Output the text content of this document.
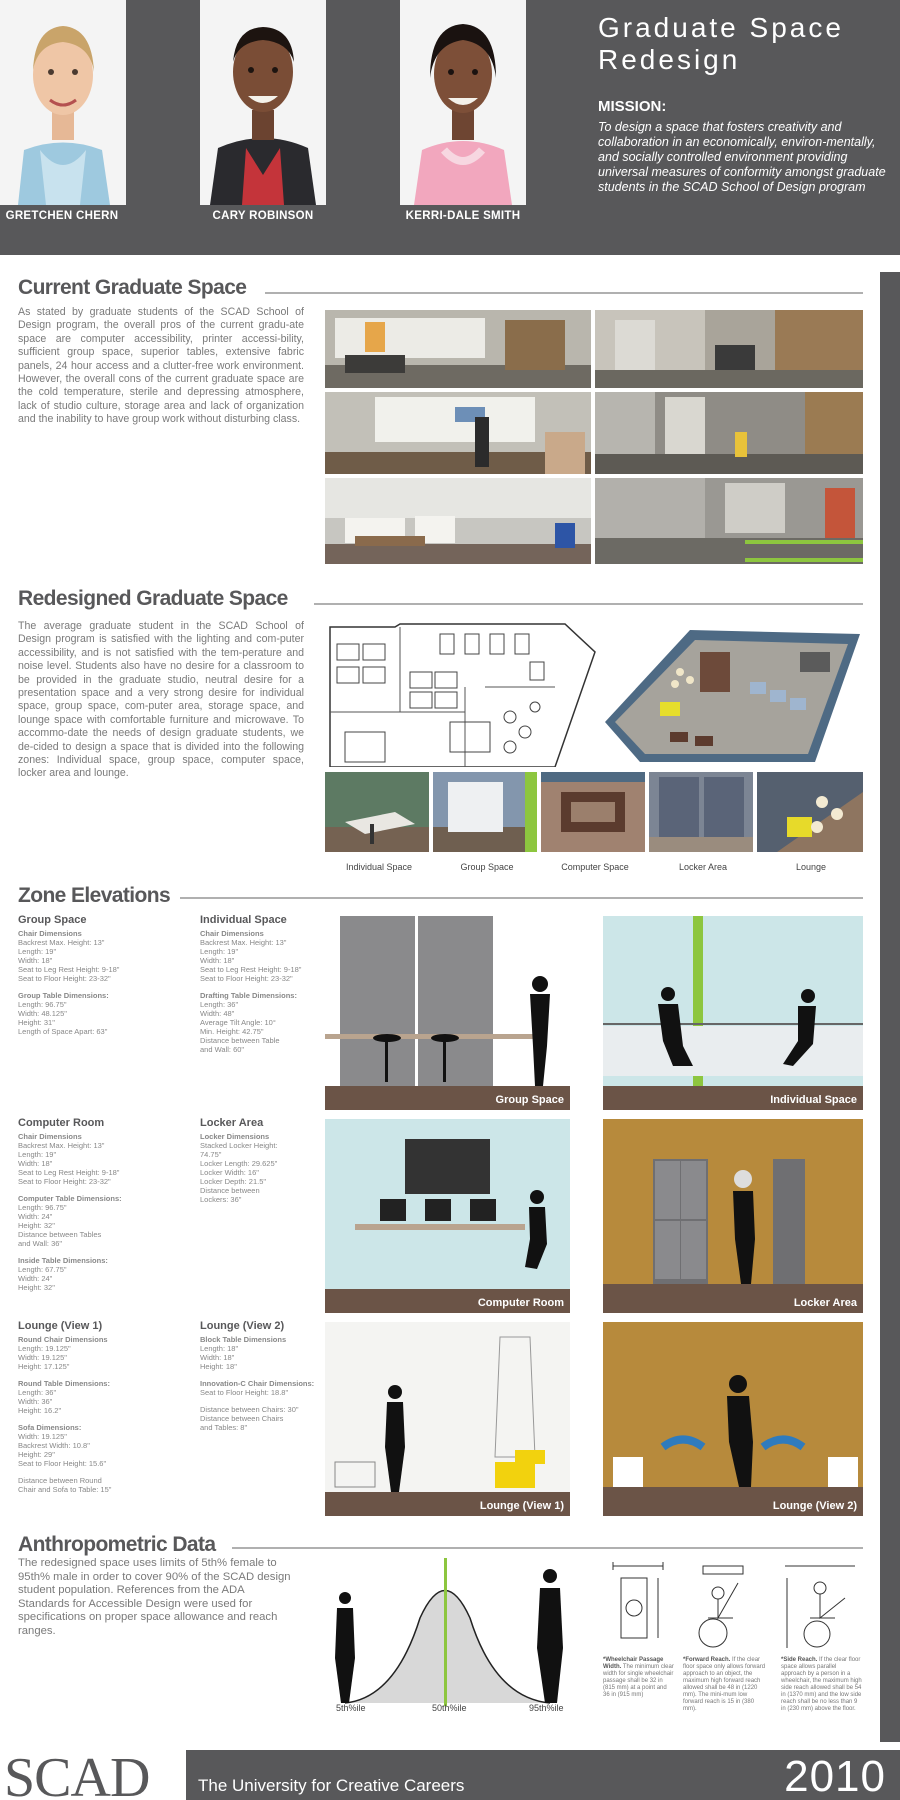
GRETCHEN CHERN	CARY ROBINSON	KERRI-DALE SMITH
Graduate Space Redesign
MISSION:
To design a space that fosters creativity and collaboration in an economically, environ-mentally, and socially controlled environment providing universal measures of conformity amongst graduate students in the SCAD School of Design program
Current Graduate Space
As stated by graduate students of the SCAD School of Design program, the overall pros of the current gradu-ate space are computer accessibility, printer accessi-bility, sufficient group space, superior tables, extensive fabric panels, 24 hour access and a clutter-free work environment. However, the overall cons of the current graduate space are the cold temperature, sterile and depressing atmosphere, lack of studio culture, storage area and lack of organization and the inability to have group work without disturbing class.
Redesigned Graduate Space
The average graduate student in the SCAD School of Design program is satisfied with the lighting and com-puter accessibility, and is not satisfied with the tem-perature and noise level. Students also have no desire for a classroom to be provided in the graduate studio, neutral desire for a presentation space and a very strong desire for individual space, group space, com-puter area, storage space, and lounge space with comfortable furniture and microwave. To accommo-date the needs of design graduate students, we de-cided to design a space that is divided into the following zones: Individual space, group space, computer space, locker area and lounge.
Individual Space	Group Space	Computer Space	Locker Area	Lounge
Zone Elevations
Group Space
Chair Dimensions
Backrest Max. Height: 13"
Length: 19"
Width: 18"
Seat to Leg Rest Height: 9-18"
Seat to Floor Height: 23-32"
Group Table Dimensions:
Length: 96.75"
Width: 48.125"
Height: 31"
Length of Space Apart: 63"
Individual Space
Chair Dimensions
Backrest Max. Height: 13"
Length: 19"
Width: 18"
Seat to Leg Rest Height: 9-18"
Seat to Floor Height: 23-32"
Drafting Table Dimensions:
Length: 36"
Width: 48"
Average Tilt Angle: 10°
Min. Height: 42.75"
Distance between Table
and Wall: 60"
Computer Room
Chair Dimensions
Backrest Max. Height: 13"
Length: 19"
Width: 18"
Seat to Leg Rest Height: 9-18"
Seat to Floor Height: 23-32"
Computer Table Dimensions:
Length: 96.75"
Width: 24"
Height: 32"
Distance between Tables
and Wall: 36"
Inside Table Dimensions:
Length: 67.75"
Width: 24"
Height: 32"
Locker Area
Locker Dimensions
Stacked Locker Height:
74.75"
Locker Length: 29.625"
Locker Width: 16"
Locker Depth: 21.5"
Distance between
Lockers: 36"
Lounge (View 1)
Round Chair Dimensions
Length: 19.125"
Width: 19.125"
Height: 17.125"
Round Table Dimensions:
Length: 36"
Width: 36"
Height: 16.2"
Sofa Dimensions:
Width: 19.125"
Backrest Width: 10.8"
Height: 29"
Seat to Floor Height: 15.6"
Distance between Round
Chair and Sofa to Table: 15"
Lounge (View 2)
Block Table Dimensions
Length: 18"
Width: 18"
Height: 18"
Innovation-C Chair Dimensions:
Seat to Floor Height: 18.8"
Distance between Chairs: 30"
Distance between Chairs
and Tables: 8"
Group Space	Individual Space
Computer Room	Locker Area
Lounge (View 1)	Lounge (View 2)
Anthropometric Data
The redesigned space uses limits of 5th% female to 95th% male in order to cover 90% of the SCAD design student population. References from the ADA Standards for Accessible Design were used for specifications on proper space allowance and reach ranges.
5th%ile	50th%ile	95th%ile
*Wheelchair Passage Width. The minimum clear width for single wheelchair passage shall be 32 in (815 mm) at a point and 36 in (915 mm)
*Forward Reach. If the clear floor space only allows forward approach to an object, the maximum high forward reach allowed shall be 48 in (1220 mm). The mini-mum low forward reach is 15 in (380 mm).
*Side Reach. If the clear floor space allows parallel approach by a person in a wheelchair, the maximum high side reach allowed shall be 54 in (1370 mm) and the low side reach shall be no less than 9 in (230 mm) above the floor.
SCAD	The University for Creative Careers	2010
